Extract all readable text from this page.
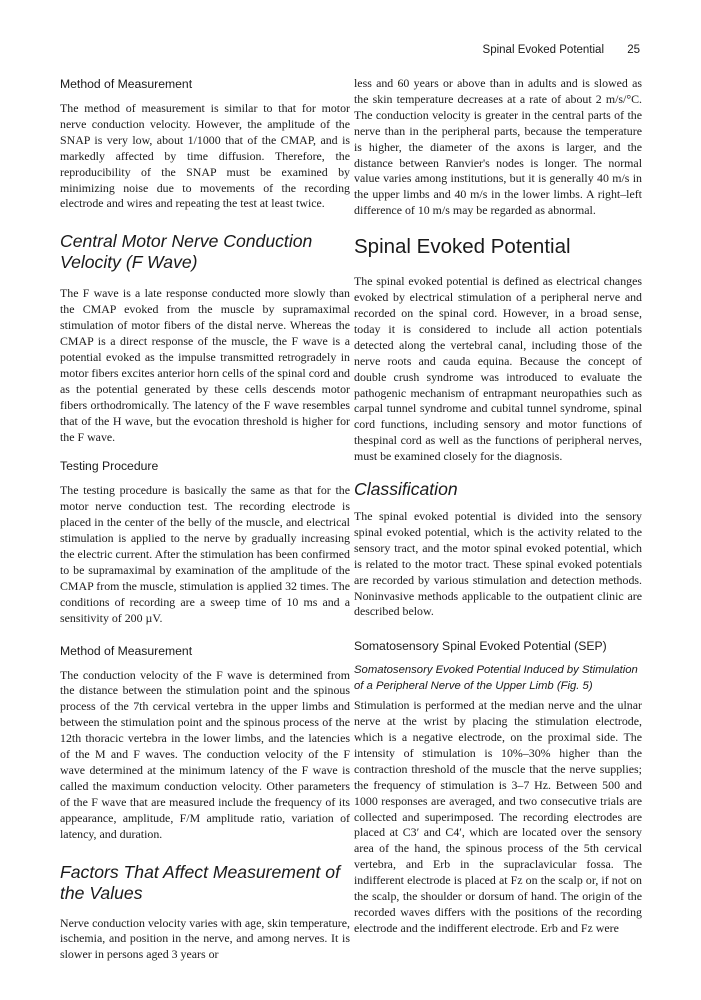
Spinal Evoked Potential 25
Method of Measurement

The method of measurement is similar to that for motor nerve conduction velocity. However, the amplitude of the SNAP is very low, about 1/1000 that of the CMAP, and is markedly affected by time diffusion. Therefore, the reproducibility of the SNAP must be examined by minimizing noise due to movements of the recording electrode and wires and repeating the test at least twice.

Central Motor Nerve Conduction Velocity (F Wave)

The F wave is a late response conducted more slowly than the CMAP evoked from the muscle by supramaximal stimulation of motor fibers of the distal nerve. Whereas the CMAP is a direct response of the muscle, the F wave is a potential evoked as the impulse transmitted retrogradely in motor fibers excites anterior horn cells of the spinal cord and as the potential generated by these cells descends motor fibers orthodromically. The latency of the F wave resembles that of the H wave, but the evocation threshold is higher for the F wave.

Testing Procedure

The testing procedure is basically the same as that for the motor nerve conduction test. The recording electrode is placed in the center of the belly of the muscle, and electrical stimulation is applied to the nerve by gradually increasing the electric current. After the stimulation has been confirmed to be supramaximal by examination of the amplitude of the CMAP from the muscle, stimulation is applied 32 times. The conditions of recording are a sweep time of 10 ms and a sensitivity of 200 µV.

Method of Measurement

The conduction velocity of the F wave is determined from the distance between the stimulation point and the spinous process of the 7th cervical vertebra in the upper limbs and between the stimulation point and the spinous process of the 12th thoracic vertebra in the lower limbs, and the latencies of the M and F waves. The conduction velocity of the F wave determined at the minimum latency of the F wave is called the maximum conduction velocity. Other parameters of the F wave that are measured include the frequency of its appearance, amplitude, F/M amplitude ratio, variation of latency, and duration.

Factors That Affect Measurement of the Values

Nerve conduction velocity varies with age, skin temperature, ischemia, and position in the nerve, and among nerves. It is slower in persons aged 3 years or

less and 60 years or above than in adults and is slowed as the skin temperature decreases at a rate of about 2 m/s/°C. The conduction velocity is greater in the central parts of the nerve than in the peripheral parts, because the temperature is higher, the diameter of the axons is larger, and the distance between Ranvier's nodes is longer. The normal value varies among institutions, but it is generally 40 m/s in the upper limbs and 40 m/s in the lower limbs. A right–left difference of 10 m/s may be regarded as abnormal.

Spinal Evoked Potential

The spinal evoked potential is defined as electrical changes evoked by electrical stimulation of a peripheral nerve and recorded on the spinal cord. However, in a broad sense, today it is considered to include all action potentials detected along the vertebral canal, including those of the nerve roots and cauda equina. Because the concept of double crush syndrome was introduced to evaluate the pathogenic mechanism of entrapmant neuropathies such as carpal tunnel syndrome and cubital tunnel syndrome, spinal cord functions, including sensory and motor functions of thespinal cord as well as the functions of peripheral nerves, must be examined closely for the diagnosis.

Classification

The spinal evoked potential is divided into the sensory spinal evoked potential, which is the activity related to the sensory tract, and the motor spinal evoked potential, which is related to the motor tract. These spinal evoked potentials are recorded by various stimulation and detection methods. Noninvasive methods applicable to the outpatient clinic are described below.

Somatosensory Spinal Evoked Potential (SEP)
Somatosensory Evoked Potential Induced by Stimulation of a Peripheral Nerve of the Upper Limb (Fig. 5)

Stimulation is performed at the median nerve and the ulnar nerve at the wrist by placing the stimulation electrode, which is a negative electrode, on the proximal side. The intensity of stimulation is 10%–30% higher than the contraction threshold of the muscle that the nerve supplies; the frequency of stimulation is 3–7 Hz. Between 500 and 1000 responses are averaged, and two consecutive trials are collected and superimposed. The recording electrodes are placed at C3′ and C4′, which are located over the sensory area of the hand, the spinous process of the 5th cervical vertebra, and Erb in the supraclavicular fossa. The indifferent electrode is placed at Fz on the scalp or, if not on the scalp, the shoulder or dorsum of hand. The origin of the recorded waves differs with the positions of the recording electrode and the indifferent electrode. Erb and Fz were
